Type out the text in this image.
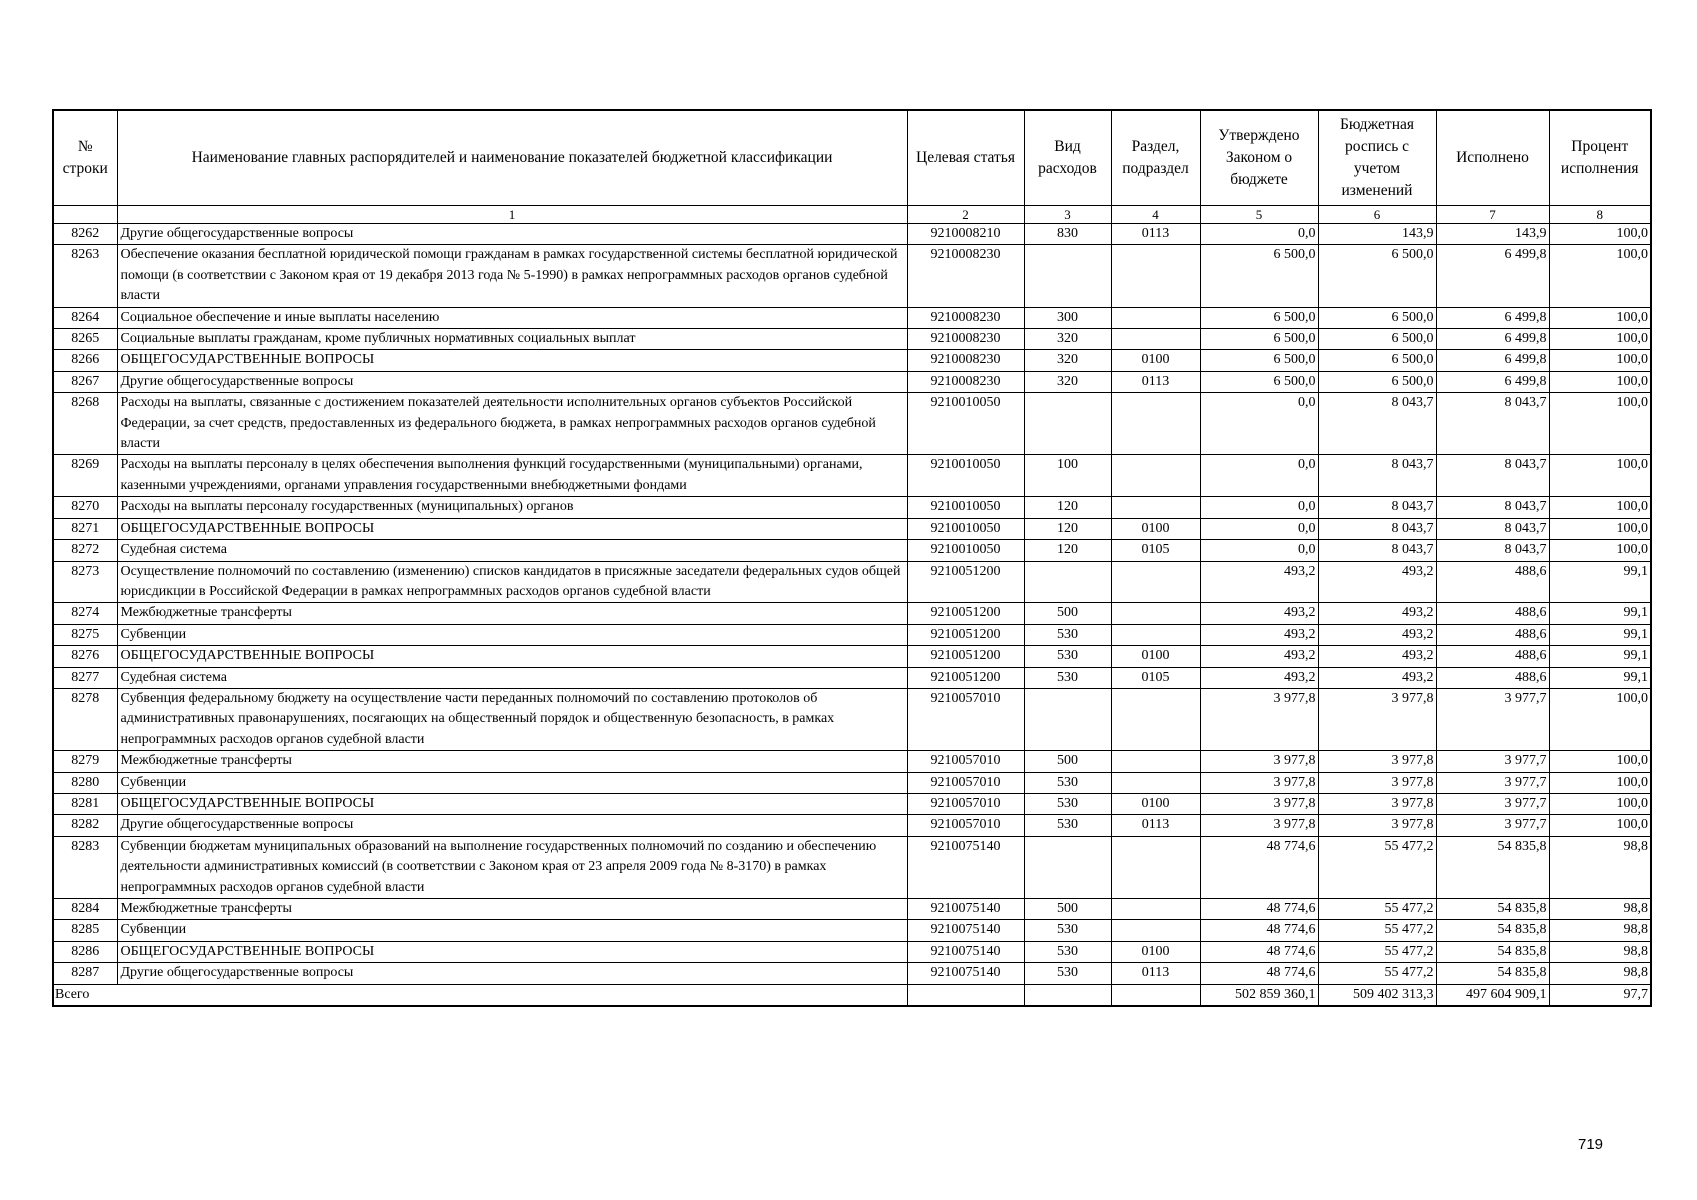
№ строки	Наименование главных распорядителей и наименование показателей бюджетной классификации	Целевая статья	Вид расходов	Раздел, подраздел	Утверждено Законом о бюджете	Бюджетная роспись с учетом изменений	Исполнено	Процент исполнения
	1	2	3	4	5	6	7	8
8262	Другие общегосударственные вопросы	9210008210	830	0113	0,0	143,9	143,9	100,0
8263	Обеспечение оказания бесплатной юридической помощи гражданам в рамках государственной системы бесплатной юридической помощи (в соответствии с Законом края от 19 декабря 2013 года № 5-1990) в рамках непрограммных расходов органов судебной власти	9210008230			6 500,0	6 500,0	6 499,8	100,0
8264	Социальное обеспечение и иные выплаты населению	9210008230	300		6 500,0	6 500,0	6 499,8	100,0
8265	Социальные выплаты гражданам, кроме публичных нормативных социальных выплат	9210008230	320		6 500,0	6 500,0	6 499,8	100,0
8266	ОБЩЕГОСУДАРСТВЕННЫЕ ВОПРОСЫ	9210008230	320	0100	6 500,0	6 500,0	6 499,8	100,0
8267	Другие общегосударственные вопросы	9210008230	320	0113	6 500,0	6 500,0	6 499,8	100,0
8268	Расходы на выплаты, связанные с достижением показателей деятельности исполнительных органов субъектов Российской Федерации, за счет средств, предоставленных из федерального бюджета, в рамках непрограммных расходов органов судебной власти	9210010050			0,0	8 043,7	8 043,7	100,0
8269	Расходы на выплаты персоналу в целях обеспечения выполнения функций государственными (муниципальными) органами, казенными учреждениями, органами управления государственными внебюджетными фондами	9210010050	100		0,0	8 043,7	8 043,7	100,0
8270	Расходы на выплаты персоналу государственных (муниципальных) органов	9210010050	120		0,0	8 043,7	8 043,7	100,0
8271	ОБЩЕГОСУДАРСТВЕННЫЕ ВОПРОСЫ	9210010050	120	0100	0,0	8 043,7	8 043,7	100,0
8272	Судебная система	9210010050	120	0105	0,0	8 043,7	8 043,7	100,0
8273	Осуществление полномочий по составлению (изменению) списков кандидатов в присяжные заседатели федеральных судов общей юрисдикции в Российской Федерации в рамках непрограммных расходов органов судебной власти	9210051200			493,2	493,2	488,6	99,1
8274	Межбюджетные трансферты	9210051200	500		493,2	493,2	488,6	99,1
8275	Субвенции	9210051200	530		493,2	493,2	488,6	99,1
8276	ОБЩЕГОСУДАРСТВЕННЫЕ ВОПРОСЫ	9210051200	530	0100	493,2	493,2	488,6	99,1
8277	Судебная система	9210051200	530	0105	493,2	493,2	488,6	99,1
8278	Субвенция федеральному бюджету на осуществление части переданных полномочий по составлению протоколов об административных правонарушениях, посягающих на общественный порядок и общественную безопасность, в рамках непрограммных расходов органов судебной власти	9210057010			3 977,8	3 977,8	3 977,7	100,0
8279	Межбюджетные трансферты	9210057010	500		3 977,8	3 977,8	3 977,7	100,0
8280	Субвенции	9210057010	530		3 977,8	3 977,8	3 977,7	100,0
8281	ОБЩЕГОСУДАРСТВЕННЫЕ ВОПРОСЫ	9210057010	530	0100	3 977,8	3 977,8	3 977,7	100,0
8282	Другие общегосударственные вопросы	9210057010	530	0113	3 977,8	3 977,8	3 977,7	100,0
8283	Субвенции бюджетам муниципальных образований на выполнение государственных полномочий по созданию и обеспечению деятельности административных комиссий (в соответствии с Законом края от 23 апреля 2009 года № 8-3170) в рамках непрограммных расходов органов судебной власти	9210075140			48 774,6	55 477,2	54 835,8	98,8
8284	Межбюджетные трансферты	9210075140	500		48 774,6	55 477,2	54 835,8	98,8
8285	Субвенции	9210075140	530		48 774,6	55 477,2	54 835,8	98,8
8286	ОБЩЕГОСУДАРСТВЕННЫЕ ВОПРОСЫ	9210075140	530	0100	48 774,6	55 477,2	54 835,8	98,8
8287	Другие общегосударственные вопросы	9210075140	530	0113	48 774,6	55 477,2	54 835,8	98,8
Всего					502 859 360,1	509 402 313,3	497 604 909,1	97,7
719
